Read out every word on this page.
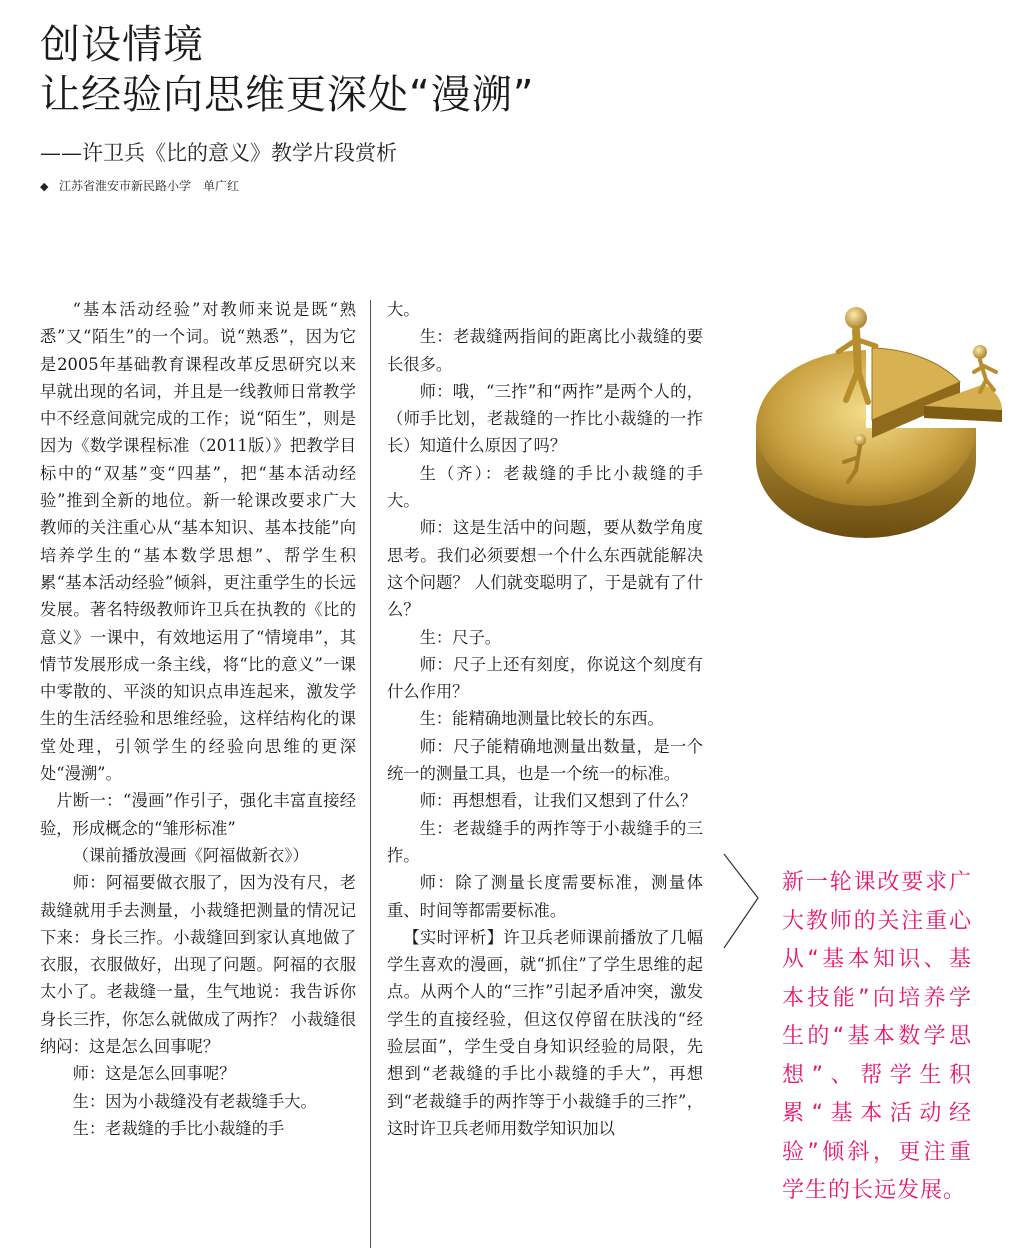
创设情境
让经验向思维更深处“漫溯”
——许卫兵《比的意义》教学片段赏析
◆ 江苏省淮安市新民路小学　单广红

“基本活动经验”对教师来说是既“熟悉”又“陌生”的一个词。说“熟悉”，因为它是2005年基础教育课程改革反思研究以来早就出现的名词，并且是一线教师日常教学中不经意间就完成的工作；说“陌生”，则是因为《数学课程标准（2011版）》把教学目标中的“双基”变“四基”，把“基本活动经验”推到全新的地位。新一轮课改要求广大教师的关注重心从“基本知识、基本技能”向培养学生的“基本数学思想”、帮学生积累“基本活动经验”倾斜，更注重学生的长远发展。著名特级教师许卫兵在执教的《比的意义》一课中，有效地运用了“情境串”，其情节发展形成一条主线，将“比的意义”一课中零散的、平淡的知识点串连起来，激发学生的生活经验和思维经验，这样结构化的课堂处理，引领学生的经验向思维的更深处“漫溯”。

片断一：“漫画”作引子，强化丰富直接经验，形成概念的“雏形标准”

（课前播放漫画《阿福做新衣》）

师：阿福要做衣服了，因为没有尺，老裁缝就用手去测量，小裁缝把测量的情况记下来：身长三拃。小裁缝回到家认真地做了衣服，衣服做好，出现了问题。阿福的衣服太小了。老裁缝一量，生气地说：我告诉你身长三拃，你怎么就做成了两拃？ 小裁缝很纳闷：这是怎么回事呢？

师：这是怎么回事呢？

生：因为小裁缝没有老裁缝手大。

生：老裁缝的手比小裁缝的手

大。

生：老裁缝两指间的距离比小裁缝的要长很多。

师：哦，“三拃”和“两拃”是两个人的，（师手比划，老裁缝的一拃比小裁缝的一拃长）知道什么原因了吗？

生（齐）：老裁缝的手比小裁缝的手大。

师：这是生活中的问题，要从数学角度思考。我们必须要想一个什么东西就能解决这个问题？ 人们就变聪明了，于是就有了什么？

生：尺子。

师：尺子上还有刻度，你说这个刻度有什么作用？

生：能精确地测量比较长的东西。

师：尺子能精确地测量出数量，是一个统一的测量工具，也是一个统一的标准。

师：再想想看，让我们又想到了什么？

生：老裁缝手的两拃等于小裁缝手的三拃。

师：除了测量长度需要标准，测量体重、时间等都需要标准。

【实时评析】许卫兵老师课前播放了几幅学生喜欢的漫画，就“抓住”了学生思维的起点。从两个人的“三拃”引起矛盾冲突，激发学生的直接经验，但这仅停留在肤浅的“经验层面”，学生受自身知识经验的局限，先想到“老裁缝的手比小裁缝的手大”，再想到“老裁缝手的两拃等于小裁缝手的三拃”，这时许卫兵老师用数学知识加以

新一轮课改要求广大教师的关注重心从“基本知识、基本技能”向培养学生的“基本数学思想”、帮学生积累“基本活动经验”倾斜，更注重学生的长远发展。
